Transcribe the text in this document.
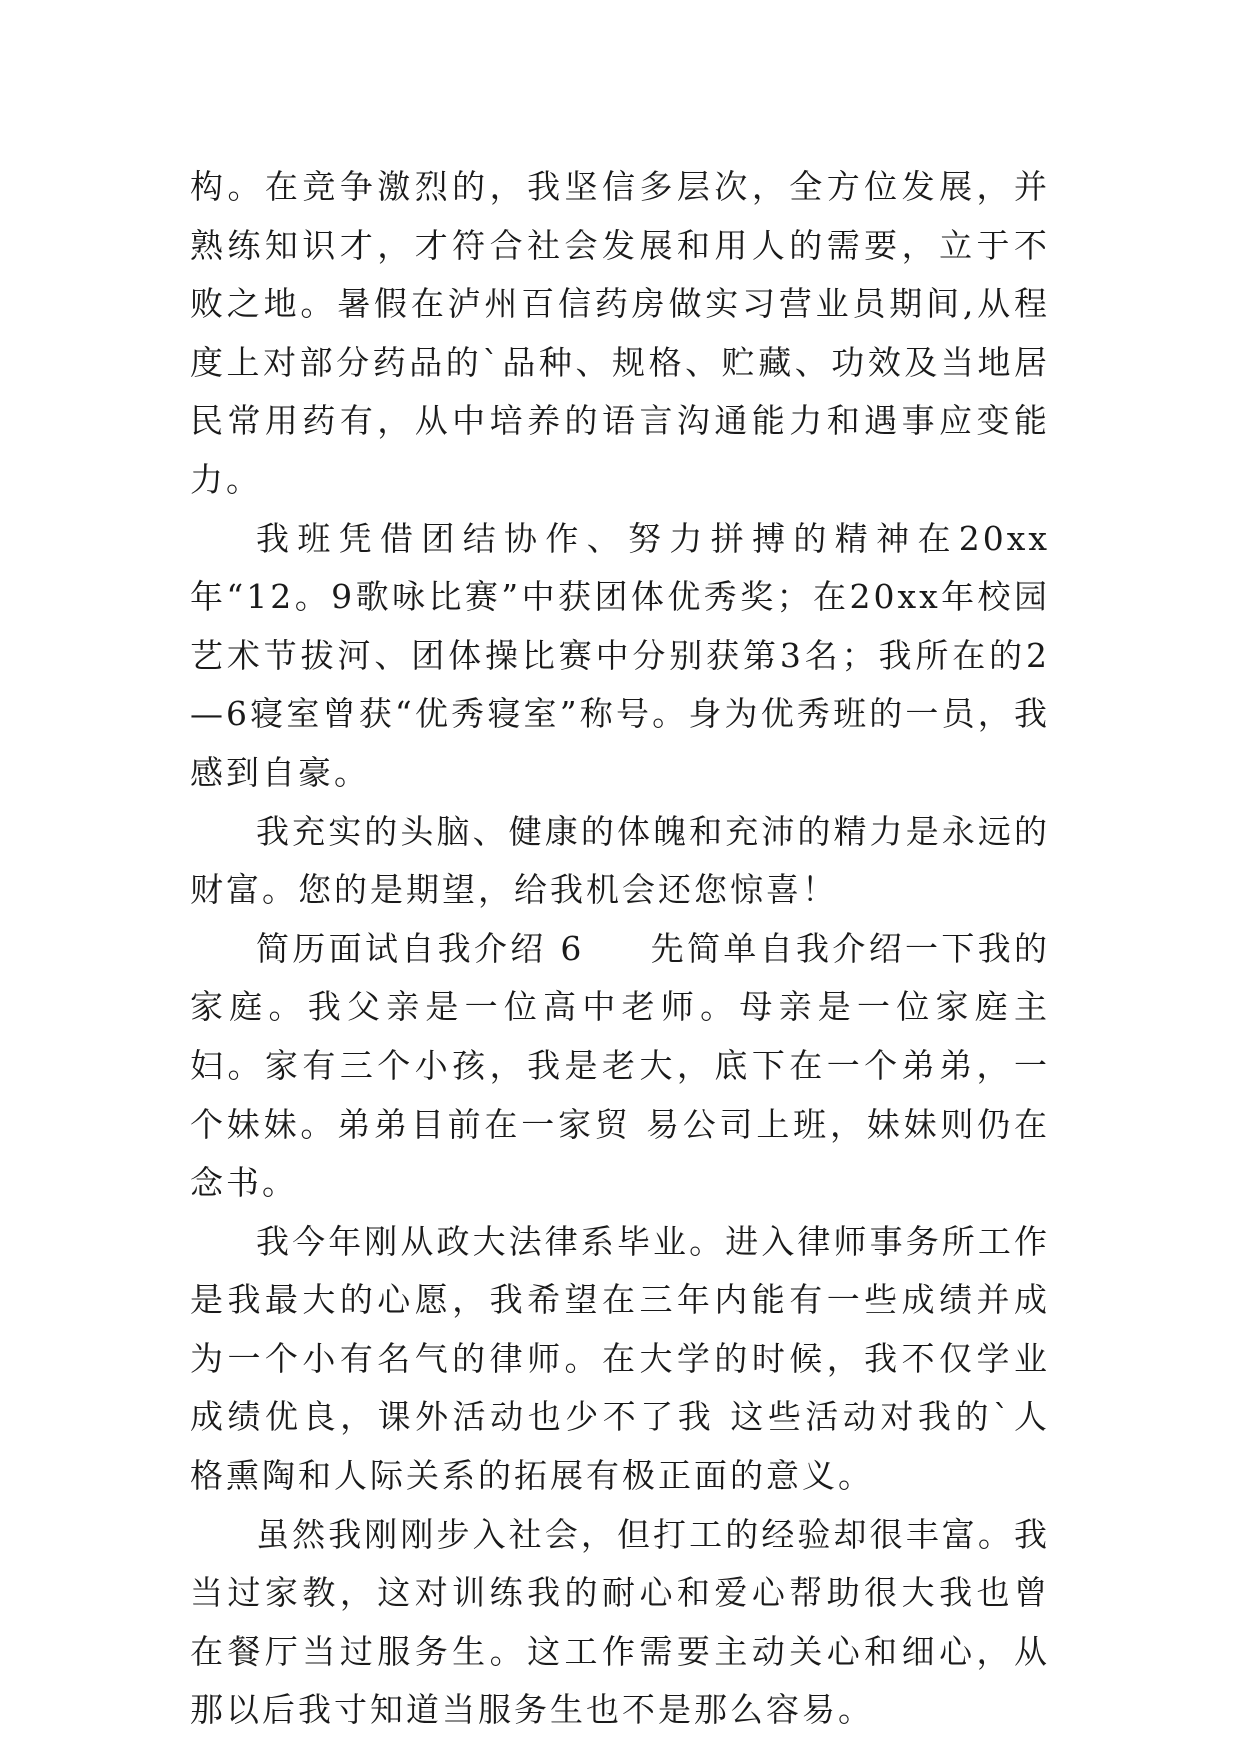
构。在竞争激烈的，我坚信多层次，全方位发展，并熟练知识才，才符合社会发展和用人的需要，立于不败之地。暑假在泸州百信药房做实习营业员期间,从程度上对部分药品的`品种、规格、贮藏、功效及当地居民常用药有，从中培养的语言沟通能力和遇事应变能力。

我班凭借团结协作、努力拼搏的精神在20xx年“12。9歌咏比赛”中获团体优秀奖；在20xx年校园艺术节拔河、团体操比赛中分别获第3名；我所在的2—6寝室曾获“优秀寝室”称号。身为优秀班的一员，我感到自豪。

我充实的头脑、健康的体魄和充沛的精力是永远的财富。您的是期望，给我机会还您惊喜！

简历面试自我介绍 6 先简单自我介绍一下我的家庭。我父亲是一位高中老师。母亲是一位家庭主妇。家有三个小孩，我是老大，底下在一个弟弟，一个妹妹。弟弟目前在一家贸 易公司上班，妹妹则仍在念书。

我今年刚从政大法律系毕业。进入律师事务所工作是我最大的心愿，我希望在三年内能有一些成绩并成为一个小有名气的律师。在大学的时候，我不仅学业成绩优良，课外活动也少不了我 这些活动对我的`人格熏陶和人际关系的拓展有极正面的意义。

虽然我刚刚步入社会，但打工的经验却很丰富。我当过家教，这对训练我的耐心和爱心帮助很大我也曾在餐厅当过服务生。这工作需要主动关心和细心，从那以后我寸知道当服务生也不是那么容易。
